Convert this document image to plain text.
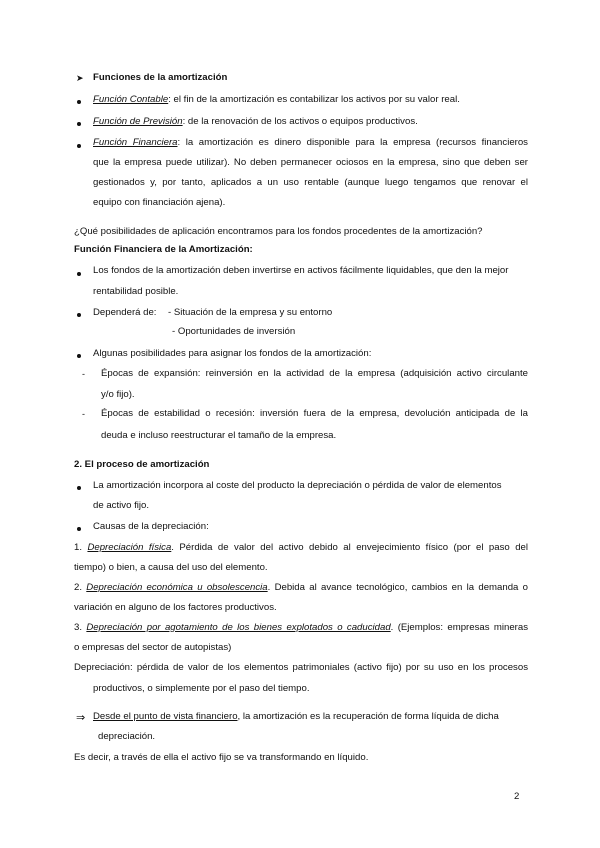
➤ Funciones de la amortización
Función Contable: el fin de la amortización es contabilizar los activos por su valor real.
Función de Previsión: de la renovación de los activos o equipos productivos.
Función Financiera: la amortización es dinero disponible para la empresa (recursos financieros
que la empresa puede utilizar). No deben permanecer ociosos en la empresa, sino que deben ser
gestionados y, por tanto, aplicados a un uso rentable (aunque luego tengamos que renovar el
equipo con financiación ajena).
¿Qué posibilidades de aplicación encontramos para los fondos procedentes de la amortización?
Función Financiera de la Amortización:
Los fondos de la amortización deben invertirse en activos fácilmente liquidables, que den la mejor
rentabilidad posible.
Dependerá de: - Situación de la empresa y su entorno
- Oportunidades de inversión
Algunas posibilidades para asignar los fondos de la amortización:
- Épocas de expansión: reinversión en la actividad de la empresa (adquisición activo circulante
y/o fijo).
- Épocas de estabilidad o recesión: inversión fuera de la empresa, devolución anticipada de la
deuda e incluso reestructurar el tamaño de la empresa.
2. El proceso de amortización
La amortización incorpora al coste del producto la depreciación o pérdida de valor de elementos
de activo fijo.
Causas de la depreciación:
1. Depreciación física. Pérdida de valor del activo debido al envejecimiento físico (por el paso del
tiempo) o bien, a causa del uso del elemento.
2. Depreciación económica u obsolescencia. Debida al avance tecnológico, cambios en la demanda o
variación en alguno de los factores productivos.
3. Depreciación por agotamiento de los bienes explotados o caducidad. (Ejemplos: empresas mineras
o empresas del sector de autopistas)
Depreciación: pérdida de valor de los elementos patrimoniales (activo fijo) por su uso en los procesos
productivos, o simplemente por el paso del tiempo.
⇒ Desde el punto de vista financiero, la amortización es la recuperación de forma líquida de dicha
depreciación.
Es decir, a través de ella el activo fijo se va transformando en líquido.
2
